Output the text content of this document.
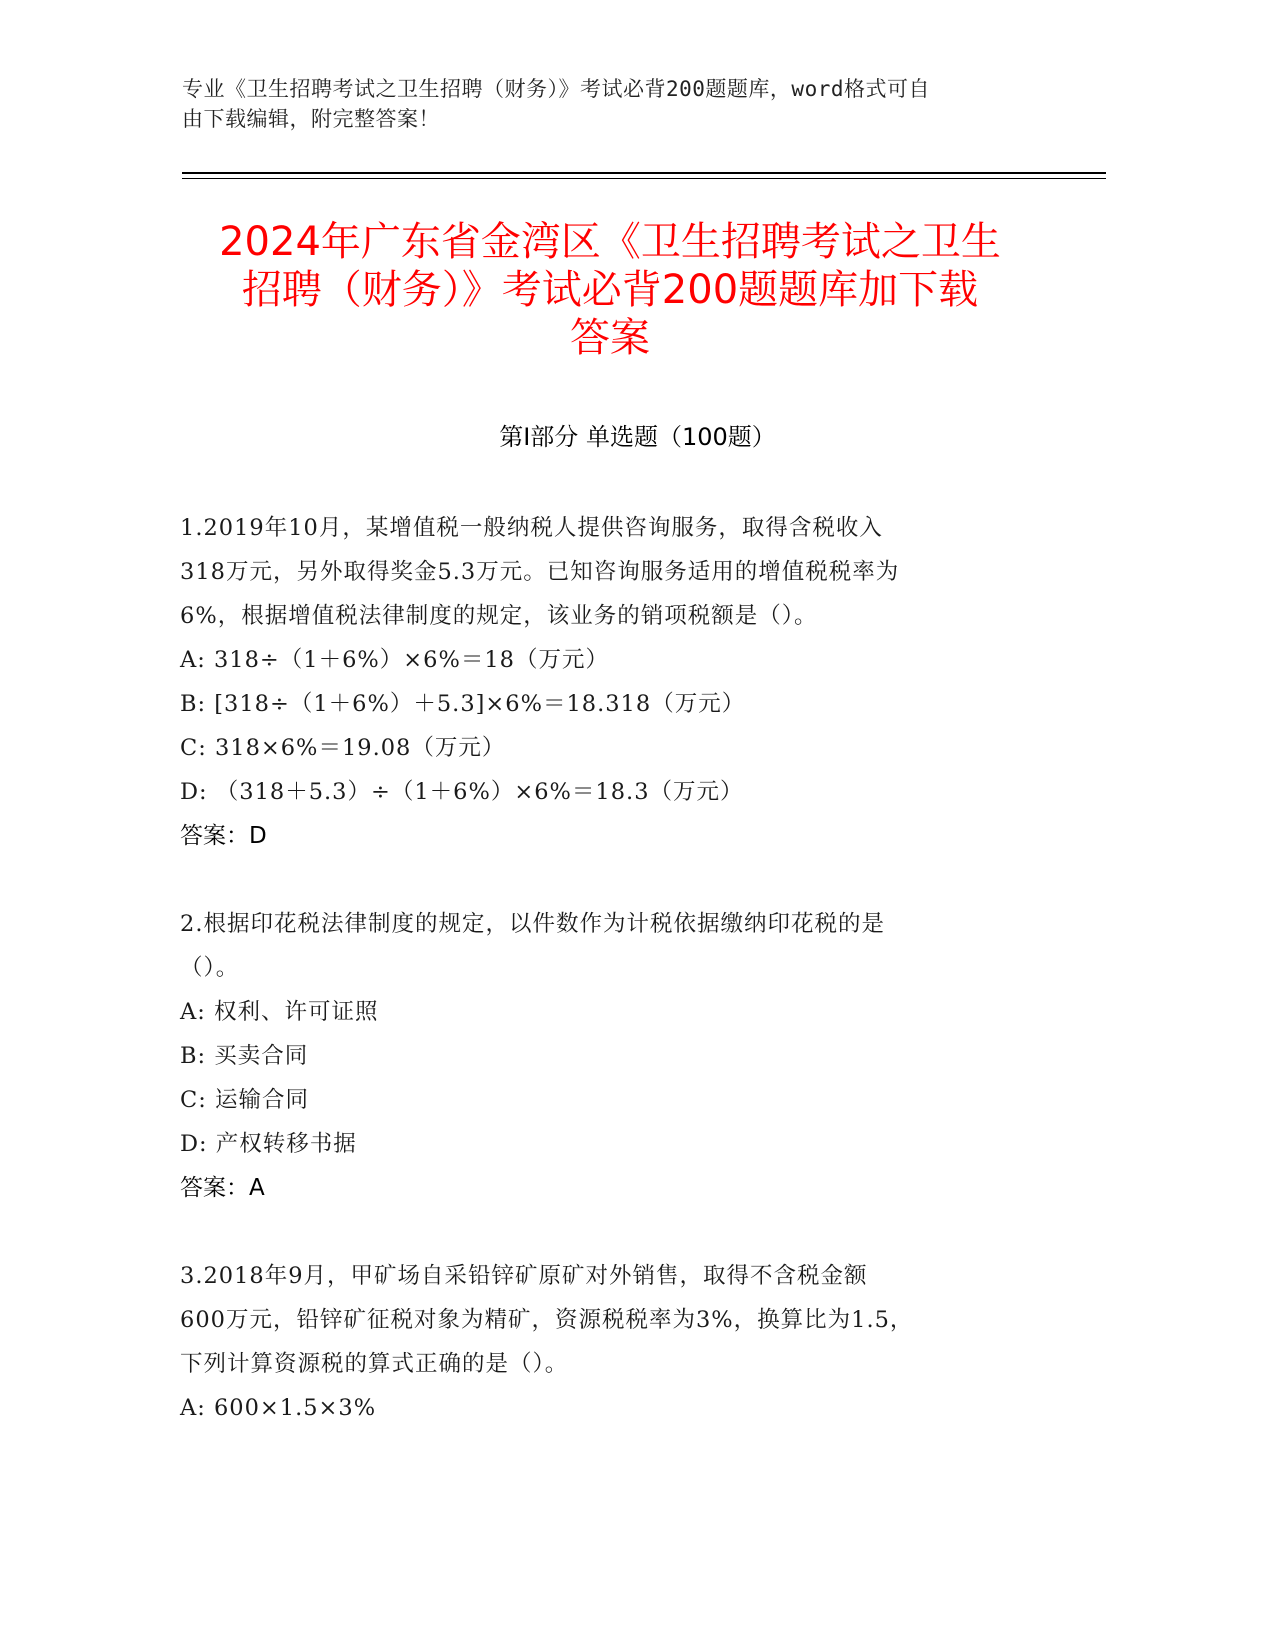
专业《卫生招聘考试之卫生招聘（财务）》考试必背200题题库，word格式可自
由下载编辑，附完整答案！
2024年广东省金湾区《卫生招聘考试之卫生
招聘（财务）》考试必背200题题库加下载
答案
第Ⅰ部分 单选题（100题）
1.2019年10月，某增值税一般纳税人提供咨询服务，取得含税收入
318万元，另外取得奖金5.3万元。已知咨询服务适用的增值税税率为
6%，根据增值税法律制度的规定，该业务的销项税额是（）。
A: 318÷（1＋6%）×6%＝18（万元）
B: [318÷（1＋6%）＋5.3]×6%＝18.318（万元）
C: 318×6%＝19.08（万元）
D: （318＋5.3）÷（1＋6%）×6%＝18.3（万元）
答案：D
2.根据印花税法律制度的规定，以件数作为计税依据缴纳印花税的是
（）。
A: 权利、许可证照
B: 买卖合同
C: 运输合同
D: 产权转移书据
答案：A
3.2018年9月，甲矿场自采铅锌矿原矿对外销售，取得不含税金额
600万元，铅锌矿征税对象为精矿，资源税税率为3%，换算比为1.5，
下列计算资源税的算式正确的是（）。
A: 600×1.5×3%
